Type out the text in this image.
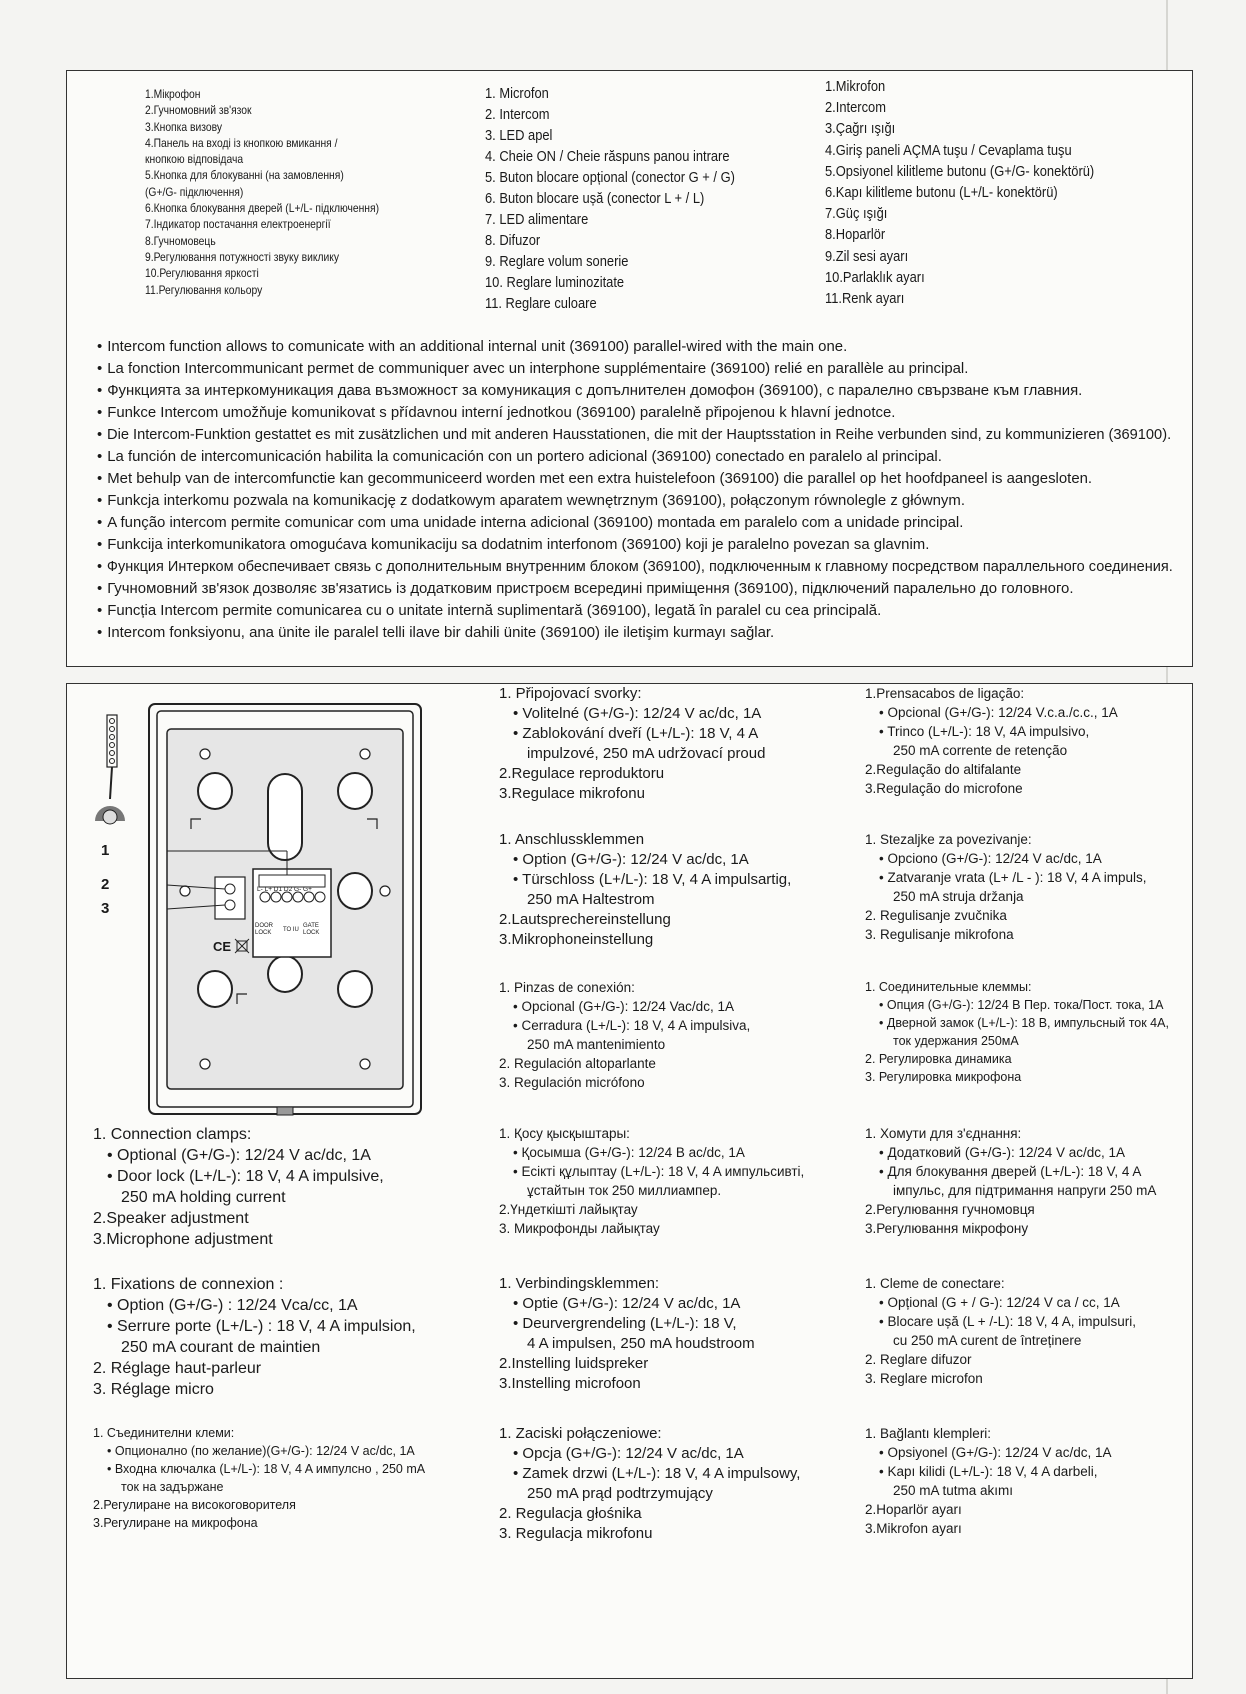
1.Мікрофон
2.Гучномовний зв'язок
3.Кнопка визову
4.Панель на вході із кнопкою вмикання /
кнопкою відповідача
5.Кнопка для блокуванні (на замовлення)
(G+/G- підключення)
6.Кнопка блокування дверей (L+/L- підключення)
7.Індикатор постачання електроенергії
8.Гучномовець
9.Регулювання потужності звуку виклику
10.Регулювання яркості
11.Регулювання кольору
1. Microfon
2. Intercom
3. LED apel
4. Cheie ON / Cheie răspuns panou intrare
5. Buton blocare opțional (conector G + / G)
6. Buton blocare ușă (conector L + / L)
7. LED alimentare
8. Difuzor
9. Reglare volum sonerie
10. Reglare luminozitate
11. Reglare culoare
1.Mikrofon
2.Intercom
3.Çağrı ışığı
4.Giriş paneli AÇMA tuşu / Cevaplama tuşu
5.Opsiyonel kilitleme butonu (G+/G- konektörü)
6.Kapı kilitleme butonu (L+/L- konektörü)
7.Güç ışığı
8.Hoparlör
9.Zil sesi ayarı
10.Parlaklık ayarı
11.Renk ayarı
• Intercom function allows to comunicate with an additional internal unit (369100) parallel-wired with the main one.
• La fonction Intercommunicant permet de communiquer avec un interphone supplémentaire (369100) relié en parallèle au principal.
• Функцията за интеркомуникация дава възможност за комуникация с допълнителен домофон (369100), с паралелно свързване към главния.
• Funkce Intercom umožňuje komunikovat s přídavnou interní jednotkou (369100) paralelně připojenou k hlavní jednotce.
• Die Intercom-Funktion gestattet es mit zusätzlichen und mit anderen Hausstationen, die mit der Hauptsstation in Reihe verbunden sind, zu kommunizieren (369100).
• La función de intercomunicación habilita la comunicación con un portero adicional (369100) conectado en paralelo al principal.
• Met behulp van de intercomfunctie kan gecommuniceerd worden met een extra huistelefoon (369100) die parallel op het hoofdpaneel is aangesloten.
• Funkcja interkomu pozwala na komunikację z dodatkowym aparatem wewnętrznym (369100), połączonym równolegle z głównym.
• A função intercom permite comunicar com uma unidade interna adicional (369100) montada em paralelo com a unidade principal.
• Funkcija interkomunikatora omogućava komunikaciju sa dodatnim interfonom (369100) koji je paralelno povezan sa glavnim.
• Функция Интерком обеспечивает связь с дополнительным внутренним блоком (369100), подключенным к главному посредством параллельного соединения.
• Гучномовний зв'язок дозволяє зв'язатись із додатковим пристроєм всередині приміщення (369100), підключений паралельно до головного.
• Funcția Intercom permite comunicarea cu o unitate internă suplimentară (369100), legată în paralel cu cea principală.
• Intercom fonksiyonu, ana ünite ile paralel telli ilave bir dahili ünite (369100) ile iletişim kurmayı sağlar.
L- L+ D1 D2 G- G+
DOOR LOCK	TO IU
GATE LOCK
CE
1
2
3
1. Připojovací svorky:
• Volitelné (G+/G-): 12/24 V ac/dc, 1A
• Zablokování dveří (L+/L-): 18 V, 4 A
impulzové, 250 mA udržovací proud
2.Regulace reproduktoru
3.Regulace mikrofonu
1.Prensacabos de ligação:
• Opcional (G+/G-): 12/24 V.c.a./c.c., 1A
• Trinco (L+/L-): 18 V, 4A impulsivo,
250 mA corrente de retenção
2.Regulação do altifalante
3.Regulação do microfone
1. Anschlussklemmen
• Option (G+/G-): 12/24 V ac/dc, 1A
• Türschloss (L+/L-): 18 V, 4 A impulsartig,
250 mA Haltestrom
2.Lautsprechereinstellung
3.Mikrophoneinstellung
1. Stezaljke za povezivanje:
• Opciono (G+/G-): 12/24 V ac/dc, 1A
• Zatvaranje vrata (L+ /L - ): 18 V, 4 A impuls,
250 mA struja držanja
2. Regulisanje zvučnika
3. Regulisanje mikrofona
1. Pinzas de conexión:
• Opcional (G+/G-): 12/24 Vac/dc, 1A
• Cerradura (L+/L-): 18 V, 4 A impulsiva,
250 mA mantenimiento
2. Regulación altoparlante
3. Regulación micrófono
1. Соединительные клеммы:
• Опция (G+/G-): 12/24 В Пер. тока/Пост. тока, 1А
• Дверной замок (L+/L-): 18 В, импульсный ток 4А,
ток удержания 250мА
2. Регулировка динамика
3. Регулировка микрофона
1. Connection clamps:
• Optional (G+/G-): 12/24 V ac/dc, 1A
• Door lock (L+/L-): 18 V, 4 A impulsive,
250 mA holding current
2.Speaker adjustment
3.Microphone adjustment
1. Қосу қысқыштары:
• Қосымша (G+/G-): 12/24 В ac/dc, 1A
• Есікті құлыптау (L+/L-): 18 V, 4 A импульсивті,
ұстайтын ток 250 миллиампер.
2.Үндеткішті лайықтау
3. Микрофонды лайықтау
1. Хомути для з'єднання:
• Додатковий (G+/G-): 12/24 V ac/dc, 1A
• Для блокування дверей (L+/L-): 18 V, 4 A
імпульс, для підтримання напруги 250 mA
2.Регулювання гучномовця
3.Регулювання мікрофону
1. Fixations de connexion :
• Option (G+/G-) : 12/24 Vca/cc, 1A
• Serrure porte (L+/L-) : 18 V, 4 A impulsion,
250 mA courant de maintien
2. Réglage haut-parleur
3. Réglage micro
1. Verbindingsklemmen:
• Optie (G+/G-): 12/24 V ac/dc, 1A
• Deurvergrendeling (L+/L-): 18 V,
4 A impulsen, 250 mA houdstroom
2.Instelling luidspreker
3.Instelling microfoon
1. Cleme de conectare:
• Opțional (G + / G-): 12/24 V ca / cc, 1A
• Blocare ușă (L + /-L): 18 V, 4 A, impulsuri,
cu 250 mA curent de întreținere
2. Reglare difuzor
3. Reglare microfon
1. Съединителни клеми:
• Опционално (по желание)(G+/G-): 12/24 V ac/dc, 1A
• Входна ключалка (L+/L-): 18 V, 4 A импулсно , 250 mA
ток на задържане
2.Регулиране на високоговорителя
3.Регулиране на микрофона
1. Zaciski połączeniowe:
• Opcja (G+/G-): 12/24 V ac/dc, 1A
• Zamek drzwi (L+/L-): 18 V, 4 A impulsowy,
250 mA prąd podtrzymujący
2. Regulacja głośnika
3. Regulacja mikrofonu
1. Bağlantı klempleri:
• Opsiyonel (G+/G-): 12/24 V ac/dc, 1A
• Kapı kilidi (L+/L-): 18 V, 4 A darbeli,
250 mA tutma akımı
2.Hoparlör ayarı
3.Mikrofon ayarı
